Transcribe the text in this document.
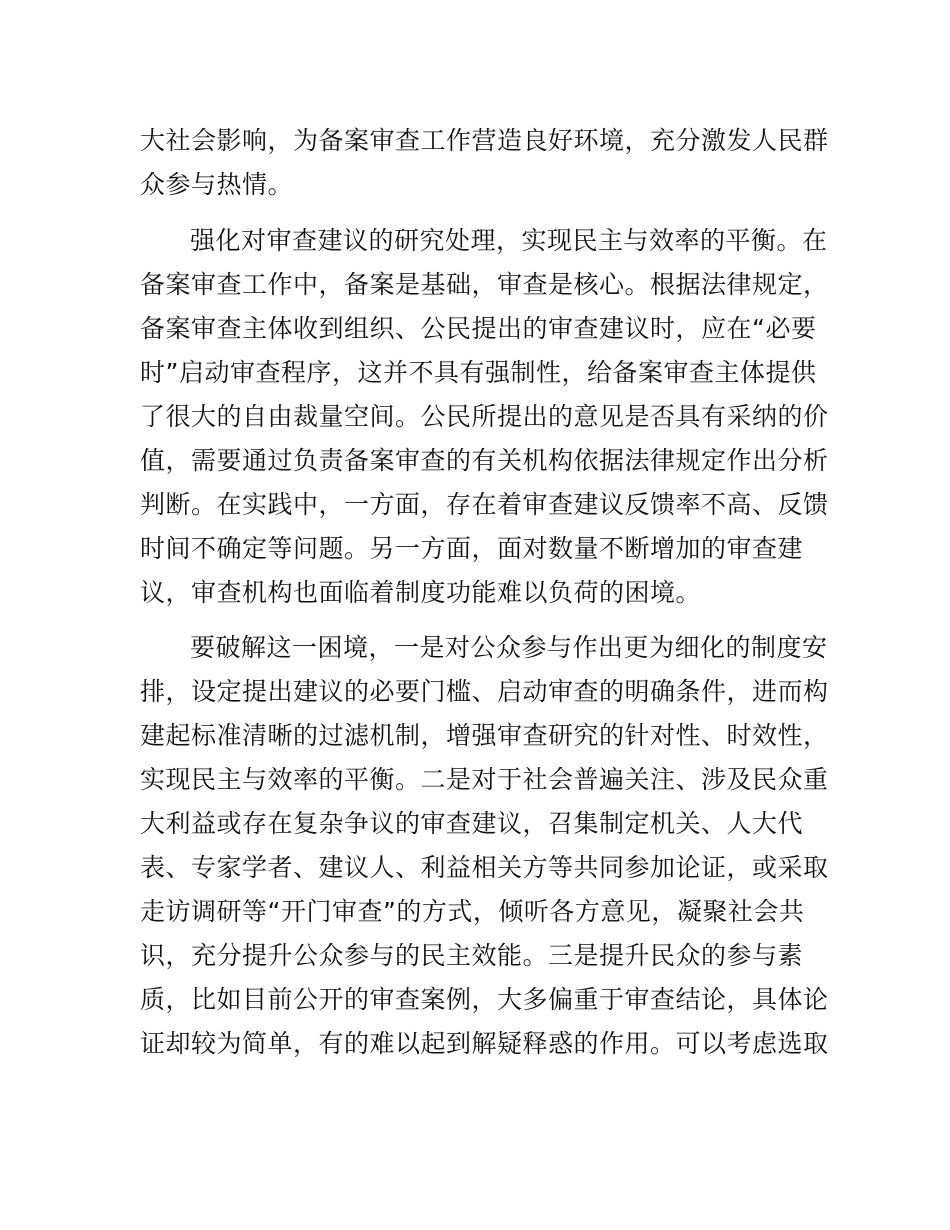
大社会影响，为备案审查工作营造良好环境，充分激发人民群
众参与热情。
强化对审查建议的研究处理，实现民主与效率的平衡。在
备案审查工作中，备案是基础，审查是核心。根据法律规定，
备案审查主体收到组织、公民提出的审查建议时，应在“必要
时”启动审查程序，这并不具有强制性，给备案审查主体提供
了很大的自由裁量空间。公民所提出的意见是否具有采纳的价
值，需要通过负责备案审查的有关机构依据法律规定作出分析
判断。在实践中，一方面，存在着审查建议反馈率不高、反馈
时间不确定等问题。另一方面，面对数量不断增加的审查建
议，审查机构也面临着制度功能难以负荷的困境。
要破解这一困境，一是对公众参与作出更为细化的制度安
排，设定提出建议的必要门槛、启动审查的明确条件，进而构
建起标准清晰的过滤机制，增强审查研究的针对性、时效性，
实现民主与效率的平衡。二是对于社会普遍关注、涉及民众重
大利益或存在复杂争议的审查建议，召集制定机关、人大代
表、专家学者、建议人、利益相关方等共同参加论证，或采取
走访调研等“开门审查”的方式，倾听各方意见，凝聚社会共
识，充分提升公众参与的民主效能。三是提升民众的参与素
质，比如目前公开的审查案例，大多偏重于审查结论，具体论
证却较为简单，有的难以起到解疑释惑的作用。可以考虑选取
